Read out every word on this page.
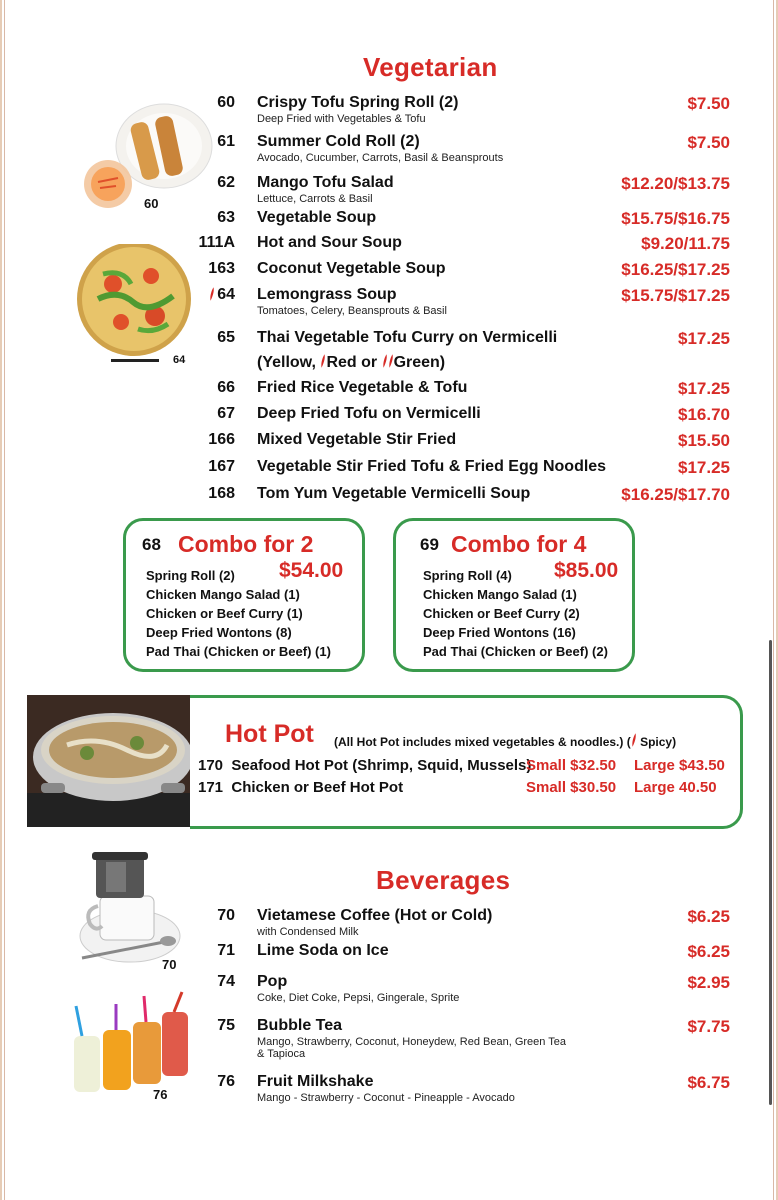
Vegetarian
60
64
60 Crispy Tofu Spring Roll (2)
Deep Fried with Vegetables & Tofu
$7.50
61 Summer Cold Roll (2)
Avocado, Cucumber, Carrots, Basil & Beansprouts
$7.50
62 Mango Tofu Salad
Lettuce, Carrots & Basil
$12.20/$13.75
63 Vegetable Soup	$15.75/$16.75
111A Hot and Sour Soup	$9.20/11.75
163 Coconut Vegetable Soup	$16.25/$17.25
64 Lemongrass Soup
Tomatoes, Celery, Beansprouts & Basil
$15.75/$17.25
65 Thai Vegetable Tofu Curry on Vermicelli	$17.25
(Yellow, Red or Green)
66 Fried Rice Vegetable & Tofu	$17.25
67 Deep Fried Tofu on Vermicelli	$16.70
166 Mixed Vegetable Stir Fried	$15.50
167 Vegetable Stir Fried Tofu & Fried Egg Noodles	$17.25
168 Tom Yum Vegetable Vermicelli Soup	$16.25/$17.70
68 Combo for 2
$54.00
Spring Roll (2)
Chicken Mango Salad (1)
Chicken or Beef Curry (1)
Deep Fried Wontons (8)
Pad Thai (Chicken or Beef) (1)
69 Combo for 4
$85.00
Spring Roll (4)
Chicken Mango Salad (1)
Chicken or Beef Curry (2)
Deep Fried Wontons (16)
Pad Thai (Chicken or Beef) (2)
Hot Pot (All Hot Pot includes mixed vegetables & noodles.) ( Spicy)
170 Seafood Hot Pot (Shrimp, Squid, Mussels)
Small $32.50 Large $43.50
171 Chicken or Beef Hot Pot	Small $30.50 Large 40.50
Beverages
70
76
70 Vietamese Coffee (Hot or Cold)
with Condensed Milk
$6.25
71 Lime Soda on Ice	$6.25
74 Pop
Coke, Diet Coke, Pepsi, Gingerale, Sprite
$2.95
75 Bubble Tea
Mango, Strawberry, Coconut, Honeydew, Red Bean, Green Tea
& Tapioca
$7.75
76 Fruit Milkshake
Mango - Strawberry - Coconut - Pineapple - Avocado
$6.75
